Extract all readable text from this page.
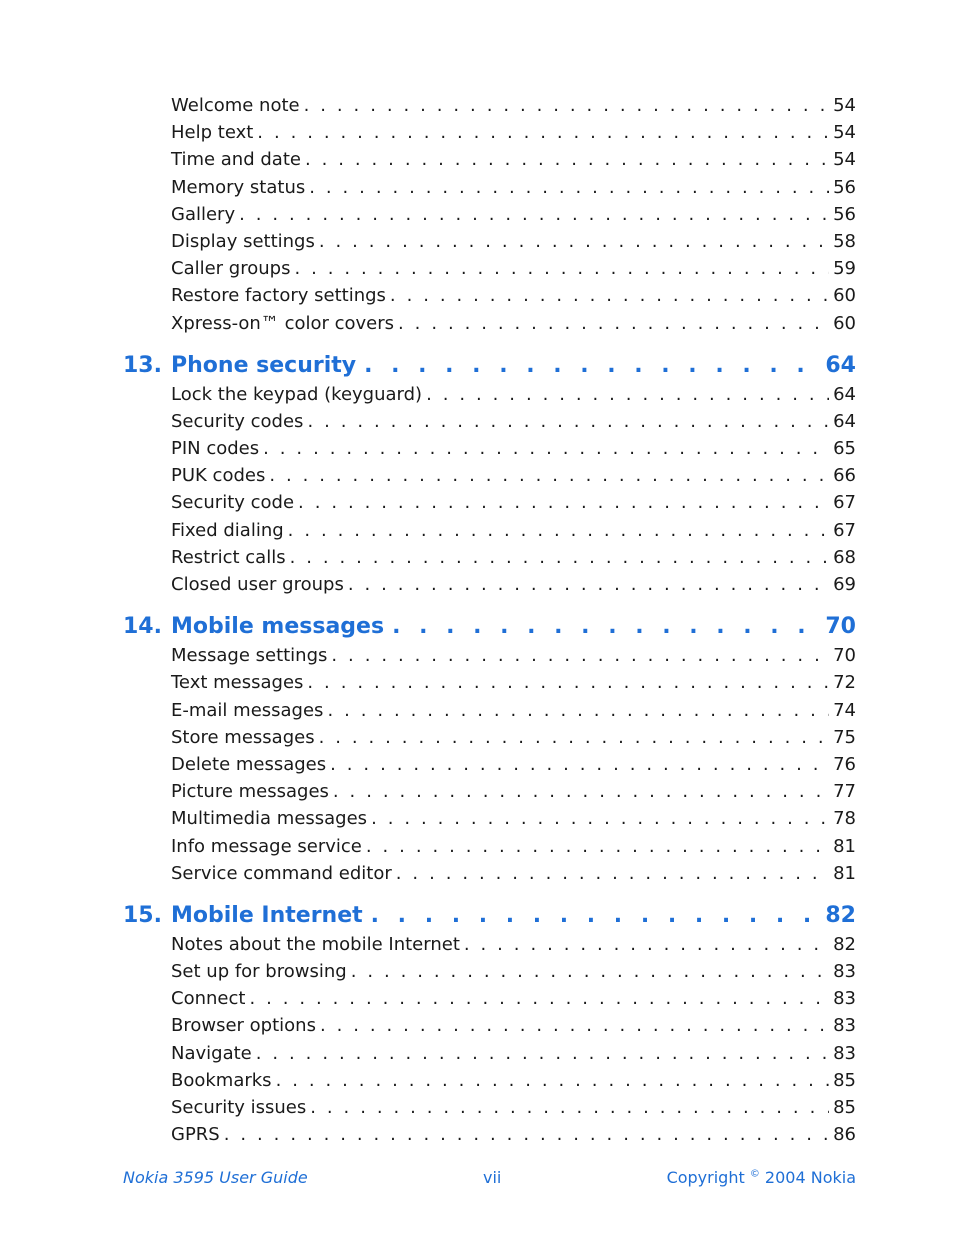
Welcome note . . .	54
Help text . . .	54
Time and date . . .	54
Memory status . . .	56
Gallery . . .	56
Display settings . . .	58
Caller groups . . .	59
Restore factory settings . . .	60
Xpress-on™ color covers . . .	60
13. Phone security . . .	64
Lock the keypad (keyguard) . . .	64
Security codes . . .	64
PIN codes . . .	65
PUK codes . . .	66
Security code . . .	67
Fixed dialing . . .	67
Restrict calls . . .	68
Closed user groups . . .	69
14. Mobile messages . . .	70
Message settings . . .	70
Text messages . . .	72
E-mail messages . . .	74
Store messages . . .	75
Delete messages . . .	76
Picture messages . . .	77
Multimedia messages . . .	78
Info message service . . .	81
Service command editor . . .	81
15. Mobile Internet . . .	82
Notes about the mobile Internet . . .	82
Set up for browsing . . .	83
Connect . . .	83
Browser options . . .	83
Navigate . . .	83
Bookmarks . . .	85
Security issues . . .	85
GPRS . . .	86
Nokia 3595 User Guide	vii	Copyright © 2004 Nokia
